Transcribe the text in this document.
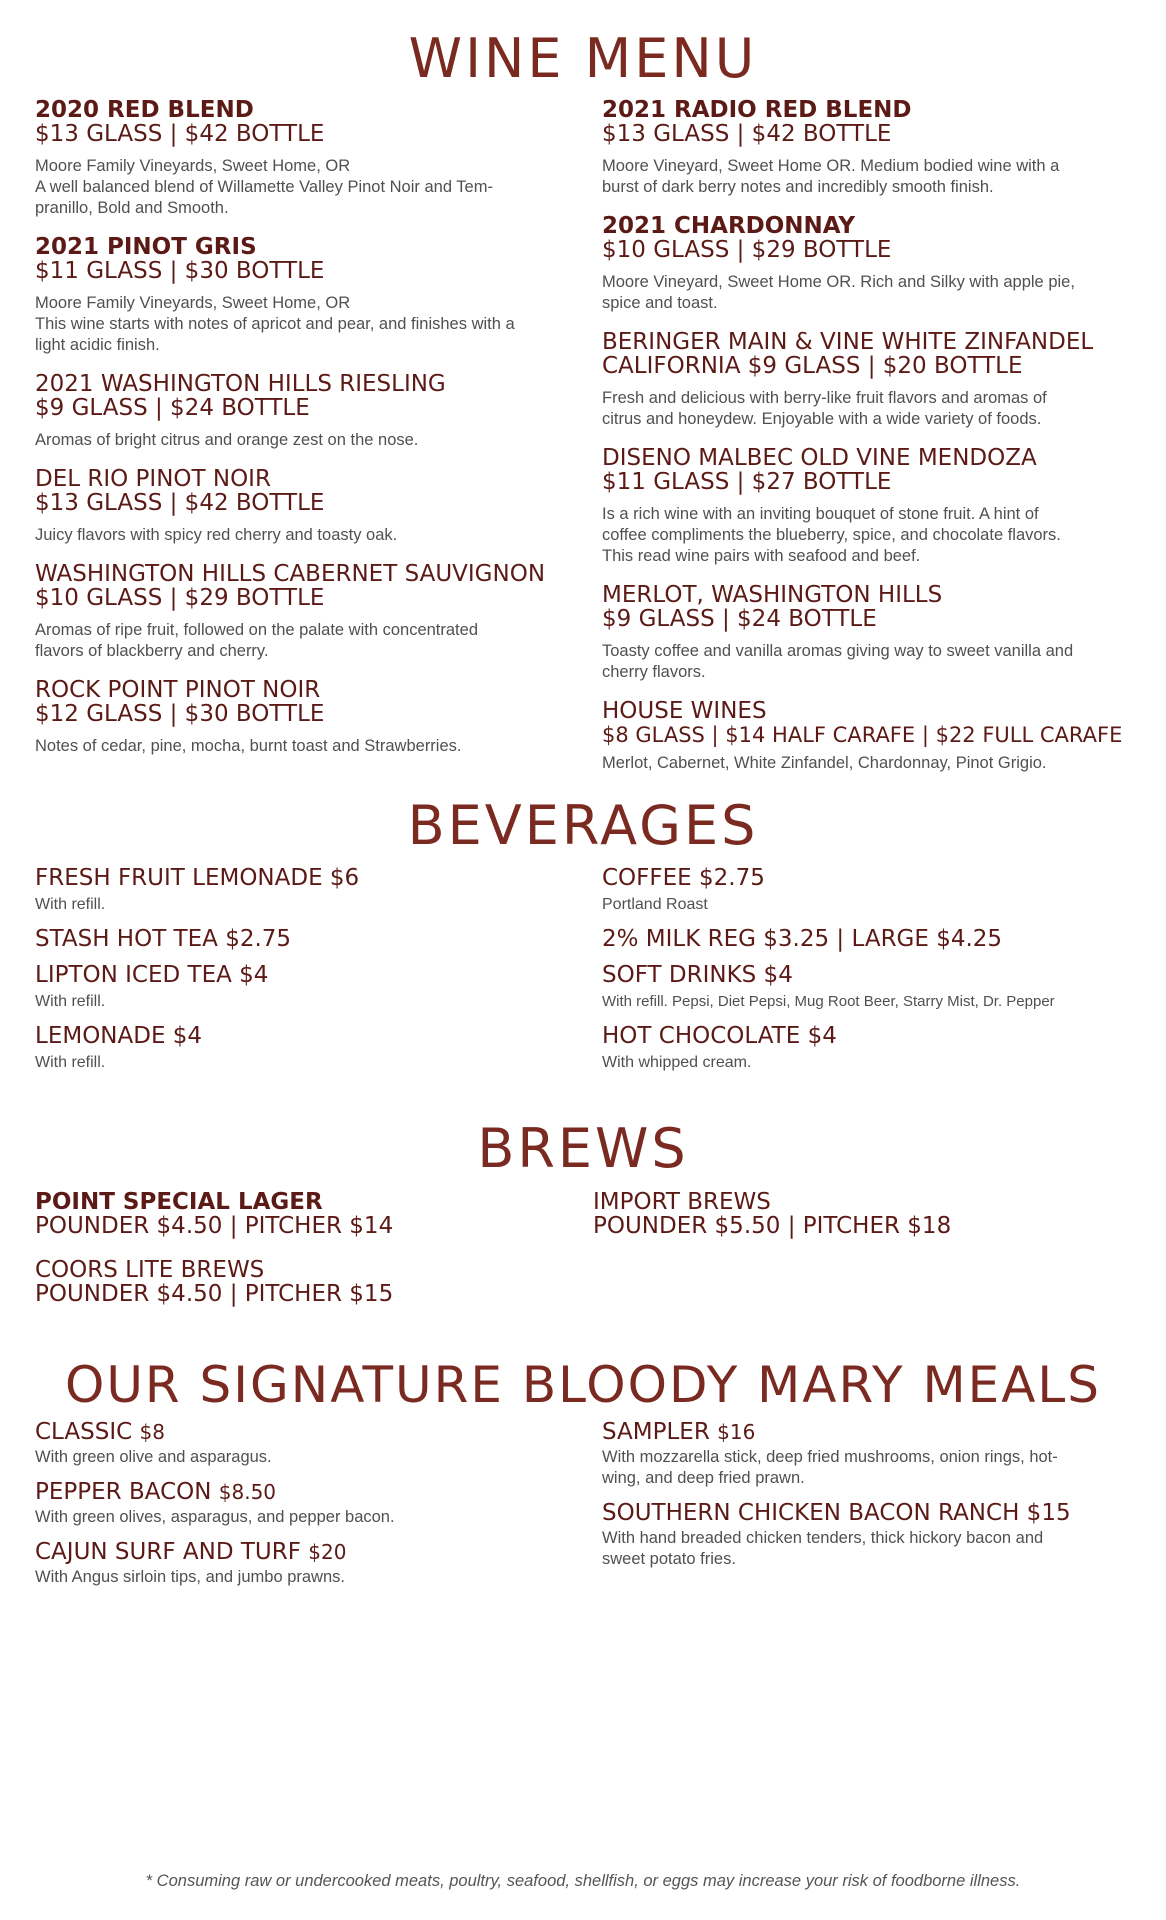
WINE MENU
2020 RED BLEND
$13 GLASS | $42 BOTTLE
Moore Family Vineyards, Sweet Home, OR
A well balanced blend of Willamette Valley Pinot Noir and Tem-
pranillo, Bold and Smooth.
2021 PINOT GRIS
$11 GLASS | $30 BOTTLE
Moore Family Vineyards, Sweet Home, OR
This wine starts with notes of apricot and pear, and finishes with a
light acidic finish.
2021 WASHINGTON HILLS RIESLING
$9 GLASS | $24 BOTTLE
Aromas of bright citrus and orange zest on the nose.
DEL RIO PINOT NOIR
$13 GLASS | $42 BOTTLE
Juicy flavors with spicy red cherry and toasty oak.
WASHINGTON HILLS CABERNET SAUVIGNON
$10 GLASS | $29 BOTTLE
Aromas of ripe fruit, followed on the palate with concentrated
flavors of blackberry and cherry.
ROCK POINT PINOT NOIR
$12 GLASS | $30 BOTTLE
Notes of cedar, pine, mocha, burnt toast and Strawberries.
2021 RADIO RED BLEND
$13 GLASS | $42 BOTTLE
Moore Vineyard, Sweet Home OR. Medium bodied wine with a
burst of dark berry notes and incredibly smooth finish.
2021 CHARDONNAY
$10 GLASS | $29 BOTTLE
Moore Vineyard, Sweet Home OR. Rich and Silky with apple pie,
spice and toast.
BERINGER MAIN & VINE WHITE ZINFANDEL
CALIFORNIA $9 GLASS | $20 BOTTLE
Fresh and delicious with berry-like fruit flavors and aromas of
citrus and honeydew. Enjoyable with a wide variety of foods.
DISENO MALBEC OLD VINE MENDOZA
$11 GLASS | $27 BOTTLE
Is a rich wine with an inviting bouquet of stone fruit. A hint of
coffee compliments the blueberry, spice, and chocolate flavors.
This read wine pairs with seafood and beef.
MERLOT, WASHINGTON HILLS
$9 GLASS | $24 BOTTLE
Toasty coffee and vanilla aromas giving way to sweet vanilla and
cherry flavors.
HOUSE WINES
$8 GLASS | $14 HALF CARAFE | $22 FULL CARAFE
Merlot, Cabernet, White Zinfandel, Chardonnay, Pinot Grigio.
BEVERAGES
FRESH FRUIT LEMONADE $6
With refill.
STASH HOT TEA $2.75
LIPTON ICED TEA $4
With refill.
LEMONADE $4
With refill.
COFFEE $2.75
Portland Roast
2% MILK REG $3.25 | LARGE $4.25
SOFT DRINKS $4
With refill. Pepsi, Diet Pepsi, Mug Root Beer, Starry Mist, Dr. Pepper
HOT CHOCOLATE $4
With whipped cream.
BREWS
POINT SPECIAL LAGER
POUNDER $4.50 | PITCHER $14
COORS LITE BREWS
POUNDER $4.50 | PITCHER $15
IMPORT BREWS
POUNDER $5.50 | PITCHER $18
OUR SIGNATURE BLOODY MARY MEALS
CLASSIC $8
With green olive and asparagus.
PEPPER BACON $8.50
With green olives, asparagus, and pepper bacon.
CAJUN SURF AND TURF $20
With Angus sirloin tips, and jumbo prawns.
SAMPLER $16
With mozzarella stick, deep fried mushrooms, onion rings, hot-
wing, and deep fried prawn.
SOUTHERN CHICKEN BACON RANCH $15
With hand breaded chicken tenders, thick hickory bacon and
sweet potato fries.
* Consuming raw or undercooked meats, poultry, seafood, shellfish, or eggs may increase your risk of foodborne illness.
